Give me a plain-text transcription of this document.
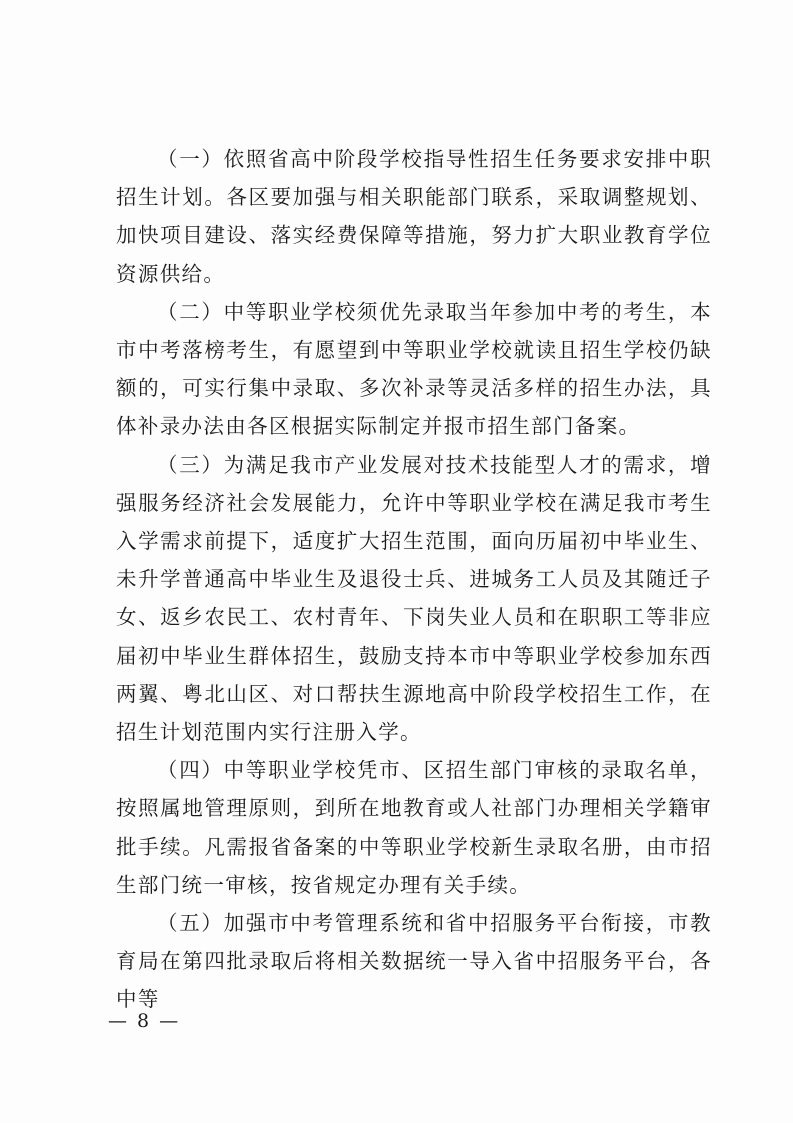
（一）依照省高中阶段学校指导性招生任务要求安排中职招生计划。各区要加强与相关职能部门联系，采取调整规划、加快项目建设、落实经费保障等措施，努力扩大职业教育学位资源供给。

（二）中等职业学校须优先录取当年参加中考的考生，本市中考落榜考生，有愿望到中等职业学校就读且招生学校仍缺额的，可实行集中录取、多次补录等灵活多样的招生办法，具体补录办法由各区根据实际制定并报市招生部门备案。

（三）为满足我市产业发展对技术技能型人才的需求，增强服务经济社会发展能力，允许中等职业学校在满足我市考生入学需求前提下，适度扩大招生范围，面向历届初中毕业生、未升学普通高中毕业生及退役士兵、进城务工人员及其随迁子女、返乡农民工、农村青年、下岗失业人员和在职职工等非应届初中毕业生群体招生，鼓励支持本市中等职业学校参加东西两翼、粤北山区、对口帮扶生源地高中阶段学校招生工作，在招生计划范围内实行注册入学。

（四）中等职业学校凭市、区招生部门审核的录取名单，按照属地管理原则，到所在地教育或人社部门办理相关学籍审批手续。凡需报省备案的中等职业学校新生录取名册，由市招生部门统一审核，按省规定办理有关手续。

（五）加强市中考管理系统和省中招服务平台衔接，市教育局在第四批录取后将相关数据统一导入省中招服务平台，各中等

— 8 —
